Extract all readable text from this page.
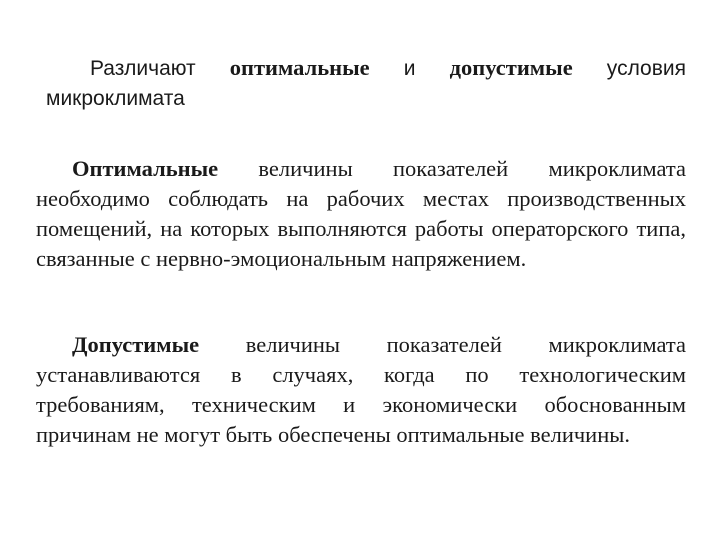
Различают оптимальные и допустимые условия микроклимата

Оптимальные величины показателей микроклимата необходимо соблюдать на рабочих местах производственных помещений, на которых выполняются работы операторского типа, связанные с нервно-эмоциональным напряжением.

Допустимые величины показателей микроклимата устанавливаются в случаях, когда по технологическим требованиям, техническим и экономически обоснованным причинам не могут быть обеспечены оптимальные величины.
